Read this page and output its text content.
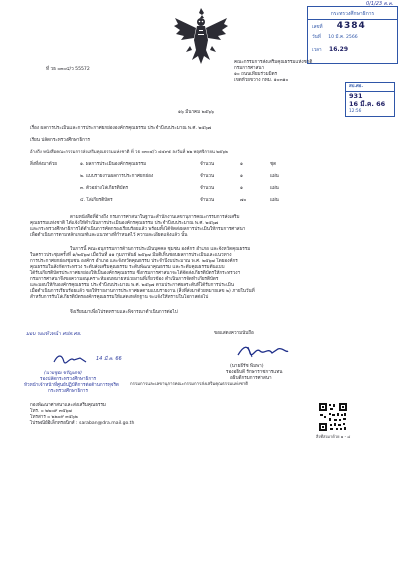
0/1/23 ต.ค.
กระทรวงศึกษาธิการ
เลขที่ 4384
วันที่ 10 มี.ค. 2566
เวลา 16.29
ที่ วธ ๐๓๐๔/ว 55572
คณะกรรมการส่งเสริมคุณธรรมแห่งชาติ
กรมการศาสนา
๑๐ ถนนเทียมร่วมมิตร
เขตห้วยขวาง กทม. ๑๐๓๑๐
สป.ศธ.
931
16 มี.ค. 66
12:56
๑๖ มีนาคม ๒๕๖๖
เรื่อง ผลการประเมินและการประกาศยกย่ององค์กรคุณธรรม ประจำปีงบประมาณ พ.ศ. ๒๕๖๗
เรียน ปลัดกระทรวงศึกษาธิการ
อ้างถึง หนังสือคณะกรรมการส่งเสริมคุณธรรมแห่งชาติ ที่ วธ ๐๓๐๔/ว ๔๔๙๕ ลงวันที่ ๒๒ พฤศจิกายน ๒๕๖๒
สิ่งที่ส่งมาด้วย	๑. ผลการประเมินองค์กรคุณธรรม	จำนวน	๑	ชุด
๒. แบบรายงานผลการประกาศยกย่อง	จำนวน	๑	แผ่น
๓. ตัวอย่างโล่เกียรติบัตร	จำนวน	๑	แผ่น
๔. โล่เกียรติบัตร	จำนวน	๗๐	แผ่น
ตามหนังสือที่อ้างถึง กรมการศาสนาในฐานะสำนักงานเลขานุการคณะกรรมการส่งเสริม
คุณธรรมแห่งชาติ ได้แจ้งให้ดำเนินการประเมินองค์กรคุณธรรม ประจำปีงบประมาณ พ.ศ. ๒๕๖๗
และกระทรวงศึกษาธิการได้ดำเนินการคัดกรองเรียบร้อยแล้ว พร้อมทั้งได้จัดส่งผลการประเมินให้กรมการศาสนา
เพื่อดำเนินการตามหลักเกณฑ์และแนวทางที่กำหนดไว้ ความละเอียดแจ้งแล้ว นั้น
ในการนี้ คณะอนุกรรมการด้านการประเมินบุคคล ชุมชน องค์กร อำเภอ และจังหวัดคุณธรรม
ในคราวประชุมครั้งที่ ๑/๒๕๖๗ เมื่อวันที่ ๑๑ กุมภาพันธ์ ๒๕๖๗ มีมติเห็นชอบผลการประเมินและแนวทาง
การประกาศยกย่องชุมชน องค์กร อำเภอ และจังหวัดคุณธรรม ประจำปีงบประมาณ พ.ศ. ๒๕๖๗ โดยองค์กร
คุณธรรมในสังกัดกระทรวง ระดับส่งเสริมคุณธรรม ระดับพัฒนาคุณธรรม และระดับคุณธรรมต้นแบบ
ได้รับเกียรติบัตรประกาศยกย่องให้เป็นองค์กรคุณธรรม ซึ่งกรมการศาสนาจะได้จัดส่งเกียรติบัตรให้กระทรวงฯ
กรมการศาสนาจึงขอความอนุเคราะห์มอบหมายหน่วยงานที่เกี่ยวข้อง ดำเนินการจัดทำเกียรติบัตร
และมอบให้กับองค์กรคุณธรรม ประจำปีงบประมาณ พ.ศ. ๒๕๖๗ ตามประกาศผลระดับที่ได้รับการประเมิน
เมื่อดำเนินการเรียบร้อยแล้ว ขอให้รายงานการประกาศผลตามแบบรายงาน (สิ่งที่ส่งมาด้วยหมายเลข ๒) ภายในวันที่
สำหรับการรับโล่เกียรติบัตรองค์กรคุณธรรมให้แสดงหลักฐาน จะแจ้งให้ทราบในโอกาสต่อไป
จึงเรียนมาเพื่อโปรดทราบและพิจารณาดำเนินการต่อไป
มอบ รองหัวหน้า ศปท.ศธ.	ขอแสดงความนับถือ
14 มี.ค. 66
(นายธีรัช พิมพา)
รองอธิบดี รักษาราชการแทน
อธิบดีกรมการศาสนา
กรรมการและเลขานุการคณะกรรมการส่งเสริมคุณธรรมแห่งชาติ
(นายชูฒ ชรัญเดช)
รองปลัดกระทรวงศึกษาธิการ
หัวหน้าเจ้าหน้าที่ศูนย์ปฏิบัติการต่อต้านการทุจริต
กระทรวงศึกษาธิการ
กองพัฒนาศาสนาและส่งเสริมคุณธรรม
โทร. ๐ ๒๒๐๙ ๓๕๖๗
โทรสาร ๐ ๒๒๐๙ ๓๕๖๒
ไปรษณีย์อิเล็กทรอนิกส์ : saraban@dra.mail.go.th
สิ่งที่ส่งมาด้วย ๑ - ๔
